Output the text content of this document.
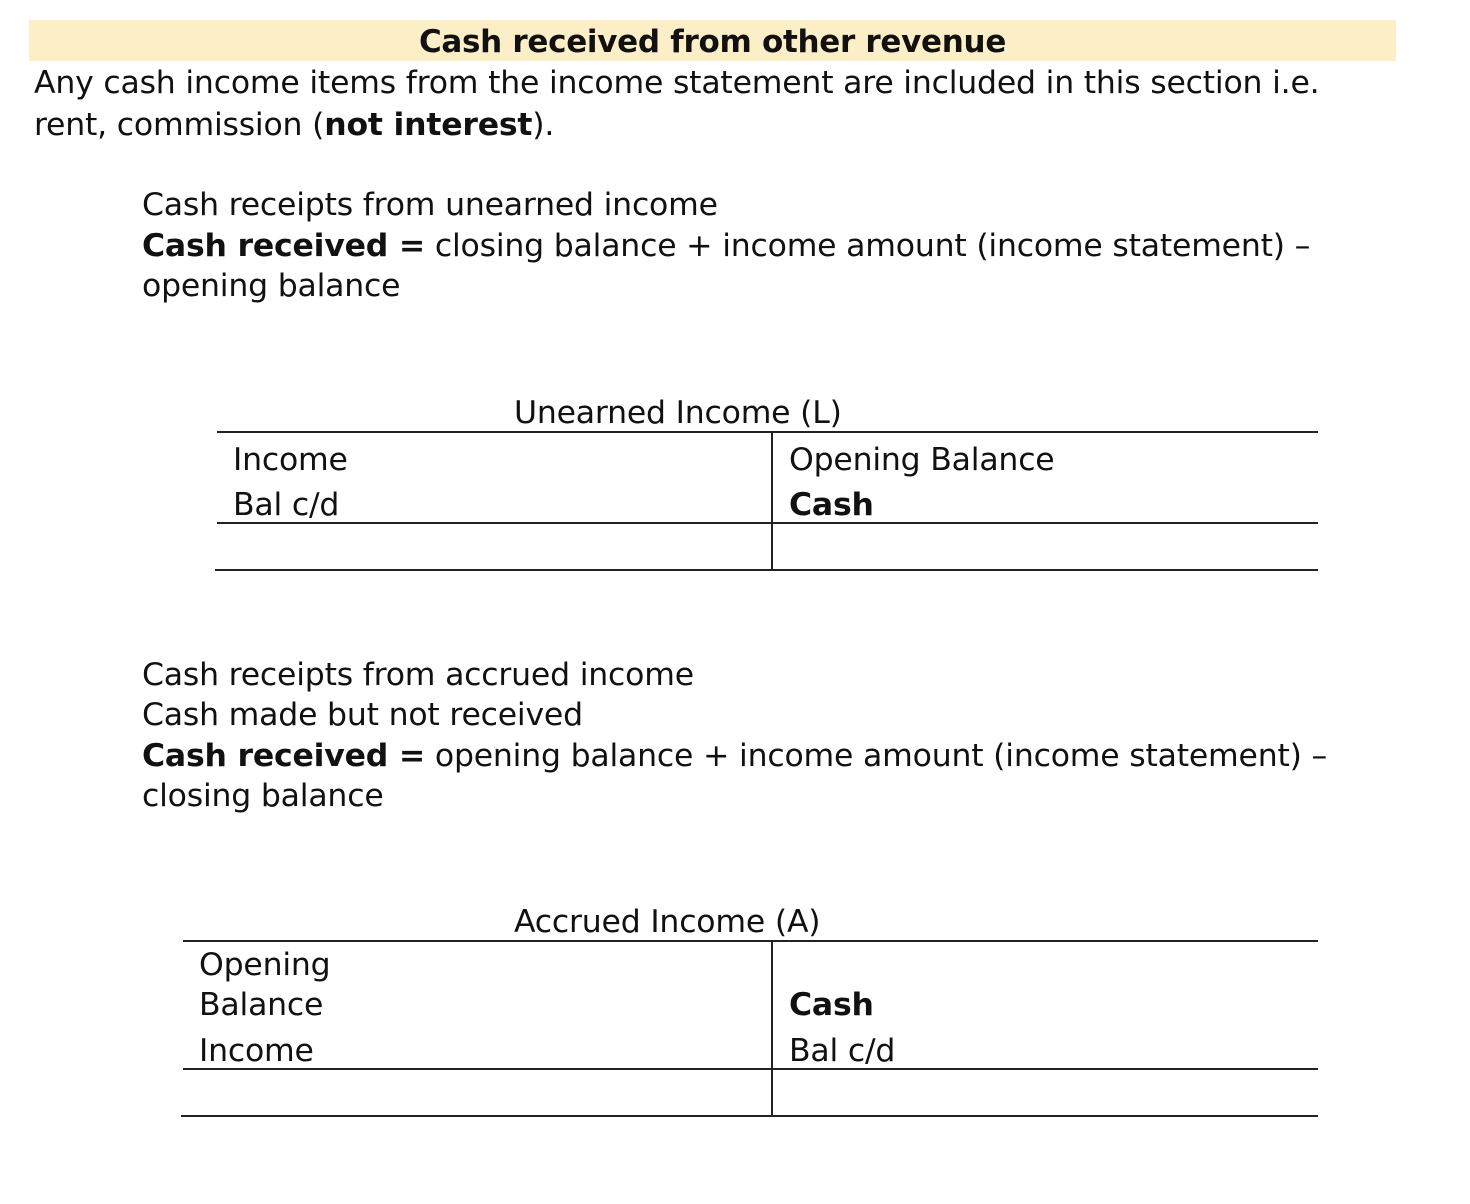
Cash received from other revenue
Any cash income items from the income statement are included in this section i.e.
rent, commission (not interest).
Cash receipts from unearned income
Cash received = closing balance + income amount (income statement) –
opening balance
Unearned Income (L)
Income
Bal c/d
Opening Balance
Cash
Cash receipts from accrued income
Cash made but not received
Cash received = opening balance + income amount (income statement) –
closing balance
Accrued Income (A)
Opening
Balance
Income
Cash
Bal c/d
